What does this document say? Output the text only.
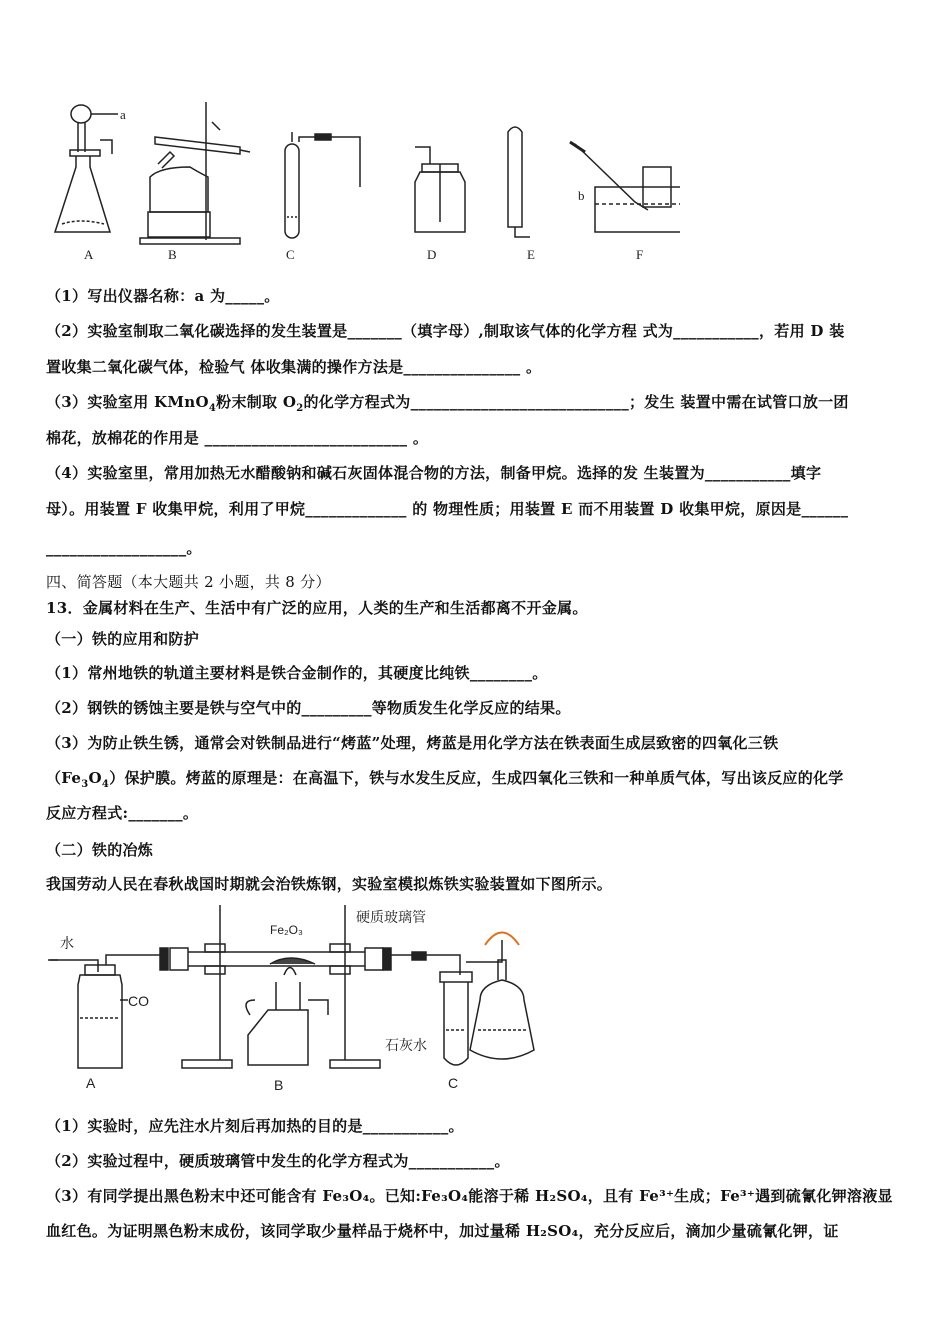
a
b
A	B	C	D	E	F
（1）写出仪器名称：a 为_____。
（2）实验室制取二氧化碳选择的发生装置是_______（填字母）,制取该气体的化学方程 式为___________，若用 D 装
置收集二氧化碳气体，检验气 体收集满的操作方法是_______________ 。
（3）实验室用 KMnO$_4$粉末制取 $O_2$的化学方程式为____________________________；发生 装置中需在试管口放一团
棉花，放棉花的作用是 __________________________ 。
（4）实验室里，常用加热无水醋酸钠和碱石灰固体混合物的方法，制备甲烷。选择的发 生装置为___________填字
母）。用装置 F 收集甲烷，利用了甲烷_____________ 的 物理性质；用装置 E 而不用装置 D 收集甲烷，原因是______
__________________。
四、简答题（本大题共 2 小题，共 8 分）
13．金属材料在生产、生活中有广泛的应用，人类的生产和生活都离不开金属。
（一）铁的应用和防护
（1）常州地铁的轨道主要材料是铁合金制作的，其硬度比纯铁________。
（2）钢铁的锈蚀主要是铁与空气中的_________等物质发生化学反应的结果。
（3）为防止铁生锈，通常会对铁制品进行“烤蓝”处理，烤蓝是用化学方法在铁表面生成层致密的四氧化三铁
$(Fe_3O_4)$保护膜。烤蓝的原理是：在高温下，铁与水发生反应，生成四氧化三铁和一种单质气体，写出该反应的化学
反应方程式:_______。
（二）铁的冶炼
我国劳动人民在春秋战国时期就会治铁炼钢，实验室模拟炼铁实验装置如下图所示。
水
CO
Fe₂O₃
硬质玻璃管
石灰水
A	B	C
（1）实验时，应先注水片刻后再加热的目的是___________。
（2）实验过程中，硬质玻璃管中发生的化学方程式为___________。
（3）有同学提出黑色粉末中还可能含有 Fe₃O₄。已知:Fe₃O₄能溶于稀 H₂SO₄，且有 Fe³⁺生成；Fe³⁺遇到硫氰化钾溶液显
血红色。为证明黑色粉末成份，该同学取少量样品于烧杯中，加过量稀 H₂SO₄，充分反应后，滴加少量硫氰化钾，证
